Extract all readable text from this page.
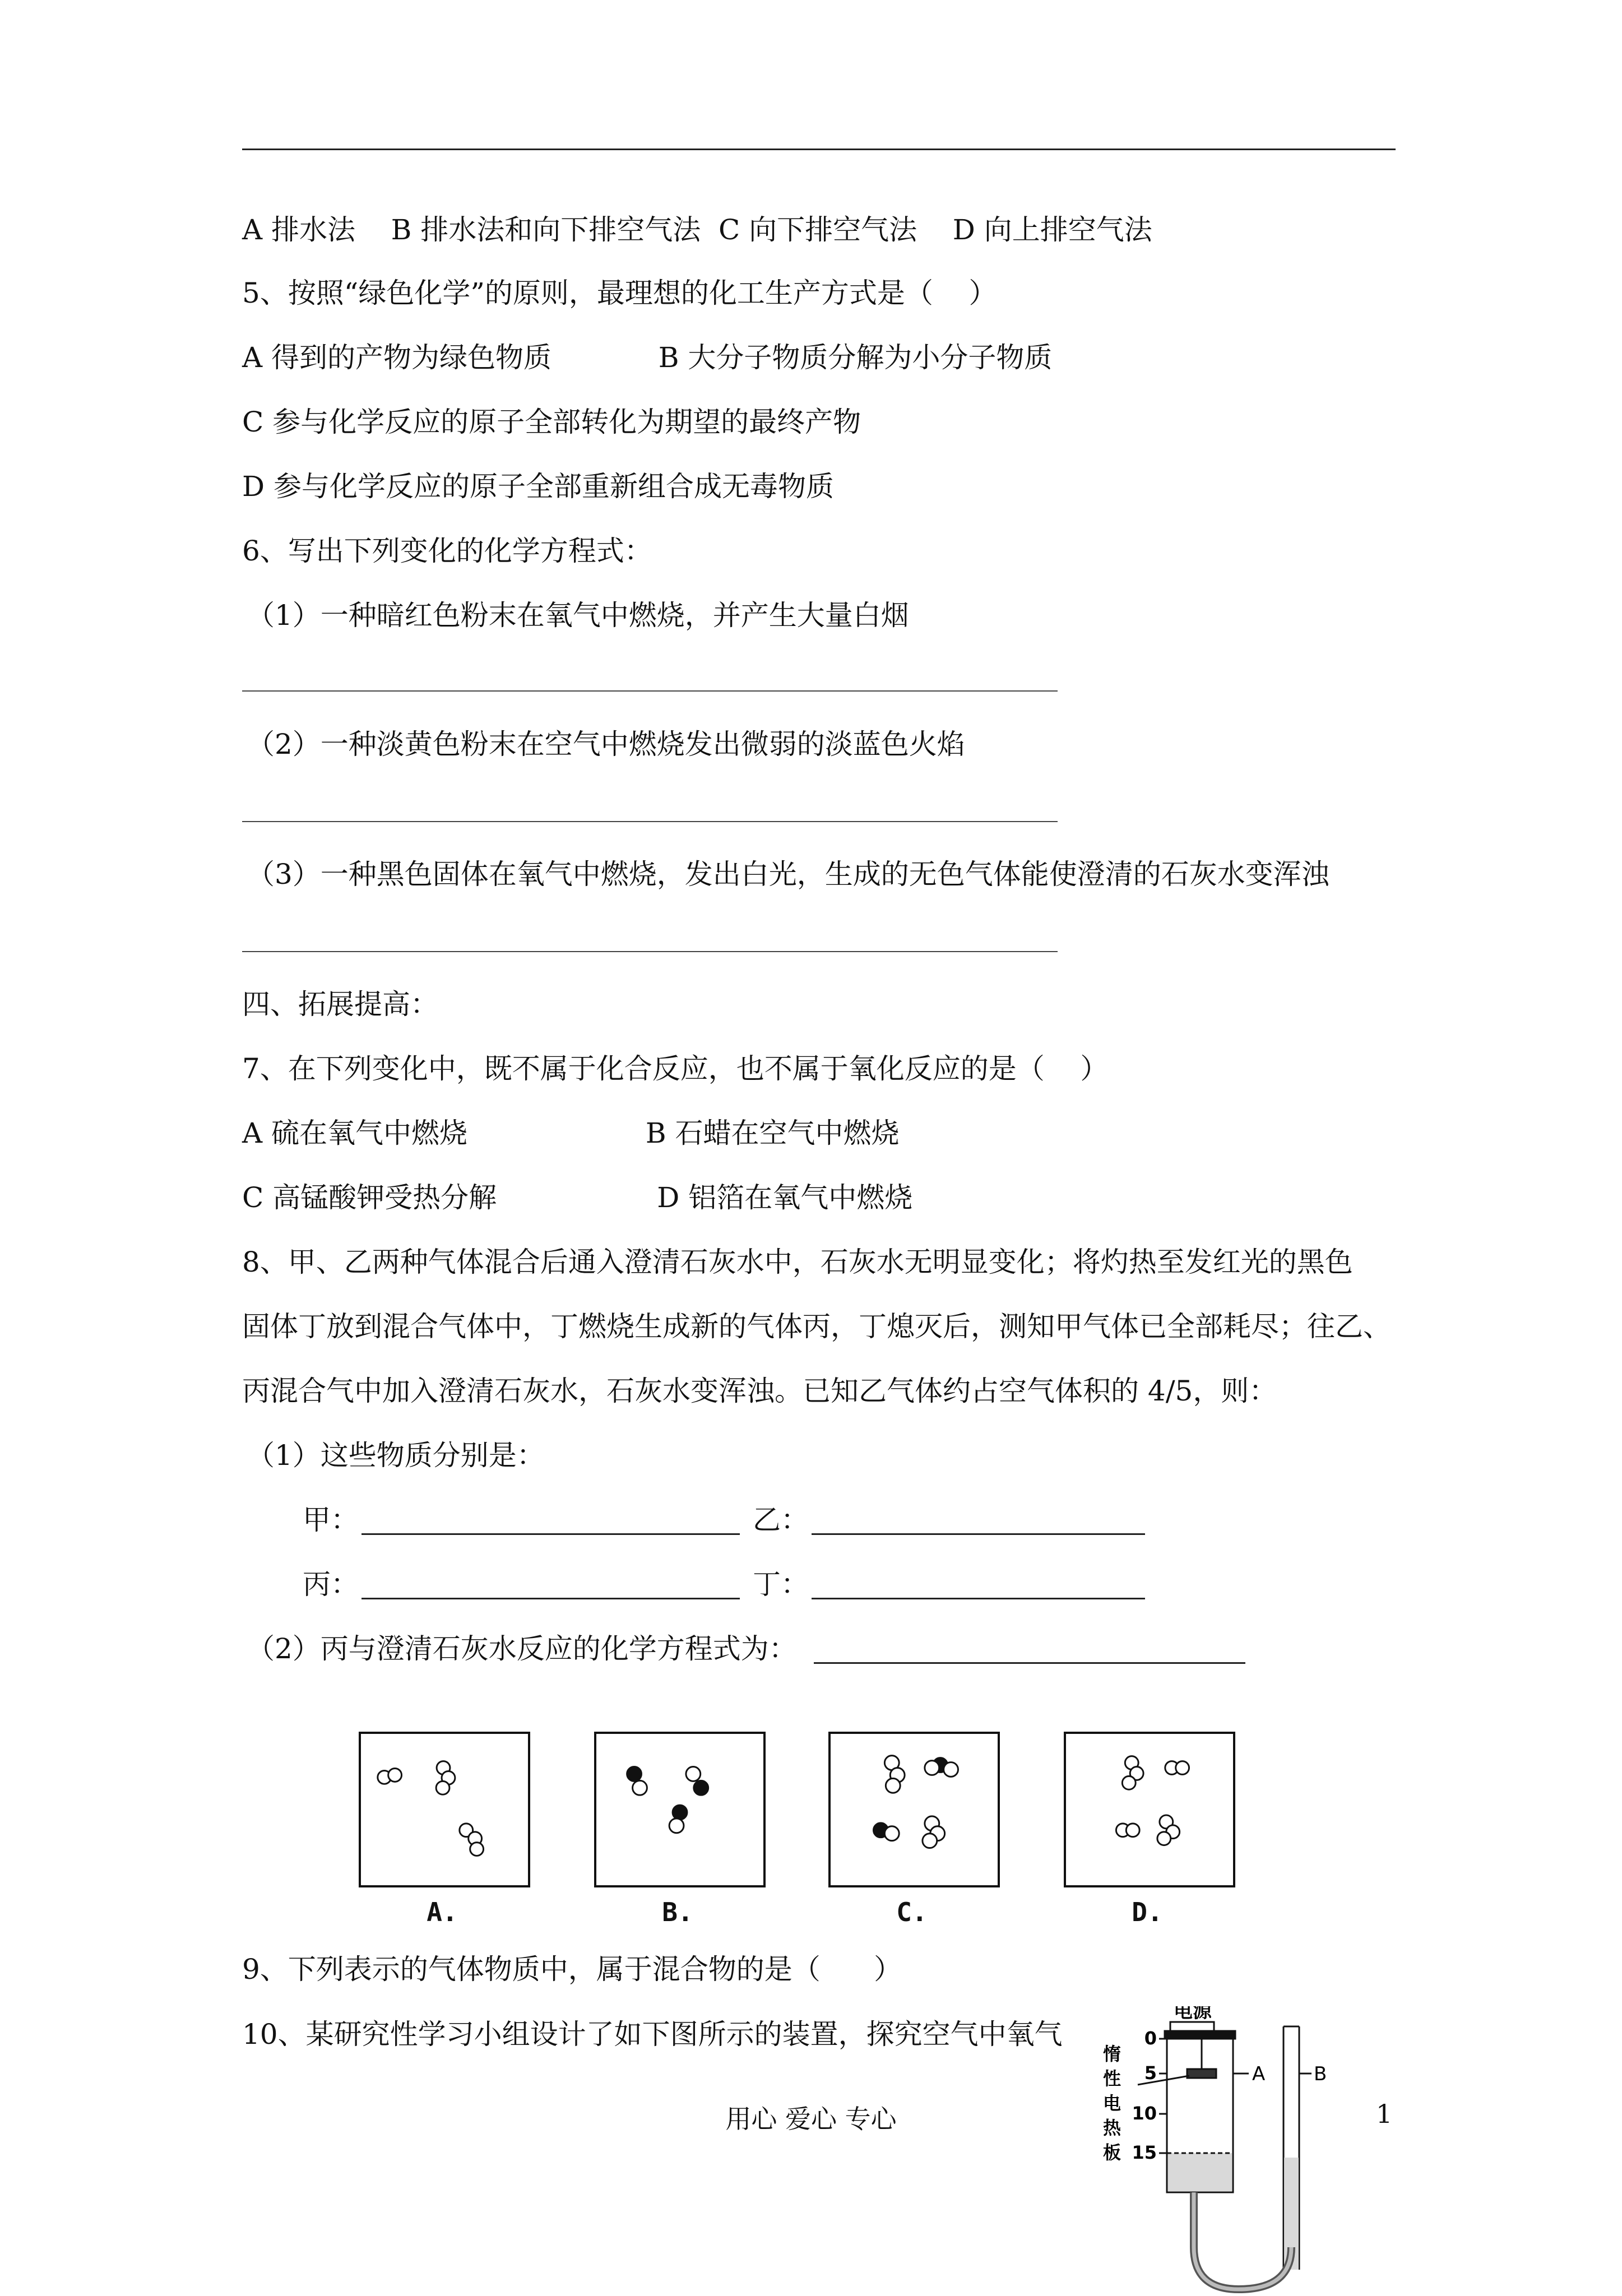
A 排水法    B 排水法和向下排空气法  C 向下排空气法    D 向上排空气法
5、按照“绿色化学”的原则，最理想的化工生产方式是（    ）
A 得到的产物为绿色物质            B 大分子物质分解为小分子物质
C 参与化学反应的原子全部转化为期望的最终产物
D 参与化学反应的原子全部重新组合成无毒物质
6、写出下列变化的化学方程式：
（1）一种暗红色粉末在氧气中燃烧，并产生大量白烟
（2）一种淡黄色粉末在空气中燃烧发出微弱的淡蓝色火焰
（3）一种黑色固体在氧气中燃烧，发出白光，生成的无色气体能使澄清的石灰水变浑浊
四、拓展提高：
7、在下列变化中，既不属于化合反应，也不属于氧化反应的是（    ）
A 硫在氧气中燃烧                    B 石蜡在空气中燃烧
C 高锰酸钾受热分解                  D 铝箔在氧气中燃烧
8、甲、乙两种气体混合后通入澄清石灰水中，石灰水无明显变化；将灼热至发红光的黑色
固体丁放到混合气体中，丁燃烧生成新的气体丙，丁熄灭后，测知甲气体已全部耗尽；往乙、
丙混合气中加入澄清石灰水，石灰水变浑浊。已知乙气体约占空气体积的 4/5，则：
（1）这些物质分别是：
甲：	乙：
丙：	丁：
（2）丙与澄清石灰水反应的化学方程式为：
A.	B.	C.	D.
9、下列表示的气体物质中，属于混合物的是（      ）
10、某研究性学习小组设计了如下图所示的装置，探究空气中氧气
电源
0
5
10
15
惰
性
电
热
板
A	B
用心 爱心 专心	1
